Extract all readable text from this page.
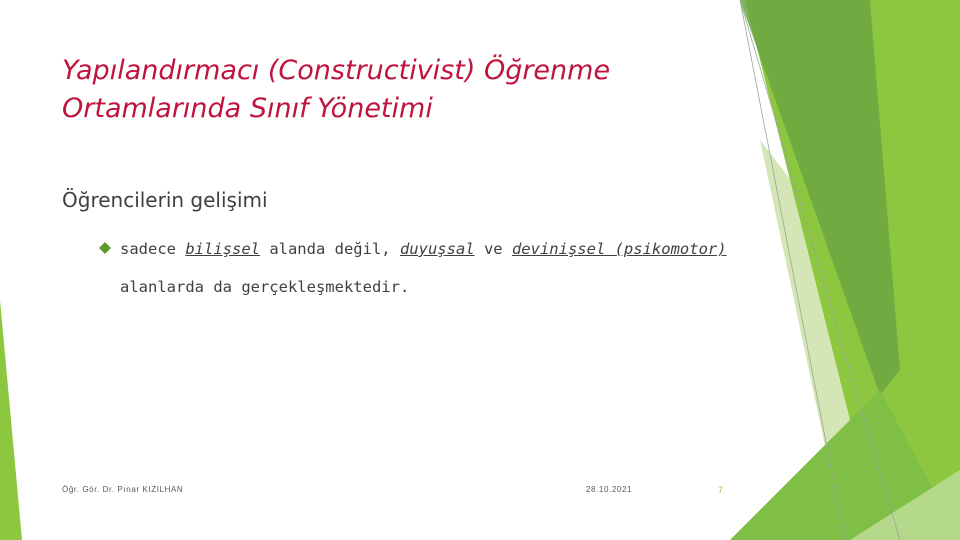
Yapılandırmacı (Constructivist) Öğrenme
Ortamlarında Sınıf Yönetimi

Öğrencilerin gelişimi

sadece bilişsel alanda değil, duyuşsal ve devinişsel (psikomotor)
alanlarda da gerçekleşmektedir.
Öğr. Gör. Dr. Pınar KIZILHAN	28.10.2021	7
